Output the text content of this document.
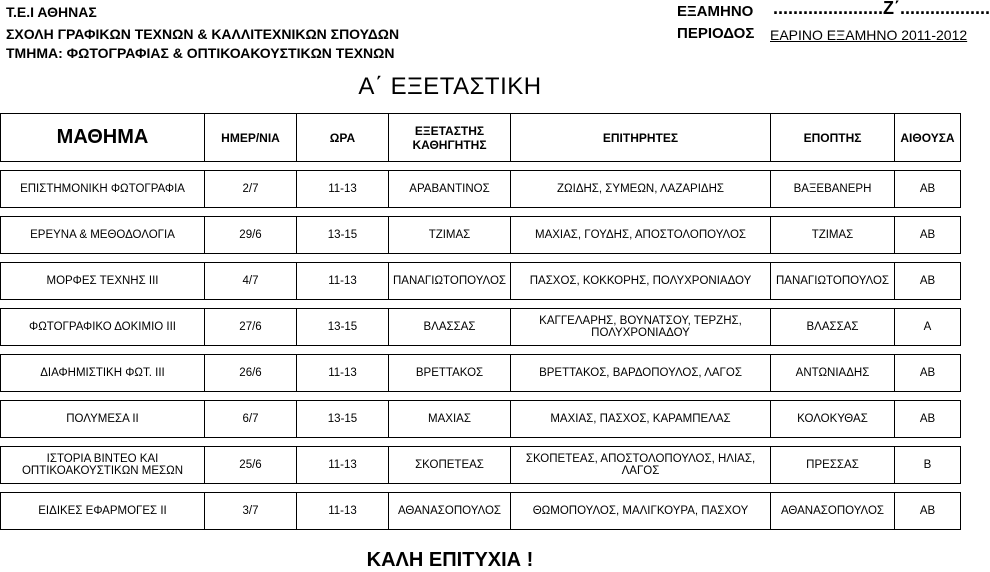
Τ.Ε.Ι ΑΘΗΝΑΣ
ΣΧΟΛΗ ΓΡΑΦΙΚΩΝ ΤΕΧΝΩΝ & ΚΑΛΛΙΤΕΧΝΙΚΩΝ ΣΠΟΥΔΩΝ
ΤΜΗΜΑ: ΦΩΤΟΓΡΑΦΙΑΣ & ΟΠΤΙΚΟΑΚΟΥΣΤΙΚΩΝ ΤΕΧΝΩΝ
ΕΞΑΜΗΝΟ ......................Ζ΄..................
ΠΕΡΙΟΔΟΣ ΕΑΡΙΝΟ ΕΞΑΜΗΝΟ 2011-2012
Α΄ ΕΞΕΤΑΣΤΙΚΗ
ΜΑΘΗΜΑ	ΗΜΕΡ/ΝΙΑ	ΩΡΑ	ΕΞΕΤΑΣΤΗΣ ΚΑΘΗΓΗΤΗΣ	ΕΠΙΤΗΡΗΤΕΣ	ΕΠΟΠΤΗΣ	ΑΙΘΟΥΣΑ

ΕΠΙΣΤΗΜΟΝΙΚΗ ΦΩΤΟΓΡΑΦΙΑ	2/7	11-13	ΑΡΑΒΑΝΤΙΝΟΣ	ΖΩΙΔΗΣ, ΣΥΜΕΩΝ, ΛΑΖΑΡΙΔΗΣ	ΒΑΞΕΒΑΝΕΡΗ	ΑΒ

ΕΡΕΥΝΑ & ΜΕΘΟΔΟΛΟΓΙΑ	29/6	13-15	ΤΖΙΜΑΣ	ΜΑΧΙΑΣ, ΓΟΥΔΗΣ, ΑΠΟΣΤΟΛΟΠΟΥΛΟΣ	ΤΖΙΜΑΣ	ΑΒ

ΜΟΡΦΕΣ ΤΕΧΝΗΣ ΙΙΙ	4/7	11-13	ΠΑΝΑΓΙΩΤΟΠΟΥΛΟΣ	ΠΑΣΧΟΣ, ΚΟΚΚΟΡΗΣ, ΠΟΛΥΧΡΟΝΙΑΔΟΥ	ΠΑΝΑΓΙΩΤΟΠΟΥΛΟΣ	ΑΒ

ΦΩΤΟΓΡΑΦΙΚΟ ΔΟΚΙΜΙΟ ΙΙΙ	27/6	13-15	ΒΛΑΣΣΑΣ	ΚΑΓΓΕΛΑΡΗΣ, ΒΟΥΝΑΤΣΟΥ, ΤΕΡΖΗΣ, ΠΟΛΥΧΡΟΝΙΑΔΟΥ	ΒΛΑΣΣΑΣ	Α

ΔΙΑΦΗΜΙΣΤΙΚΗ ΦΩΤ. ΙΙΙ	26/6	11-13	ΒΡΕΤΤΑΚΟΣ	ΒΡΕΤΤΑΚΟΣ, ΒΑΡΔΟΠΟΥΛΟΣ, ΛΑΓΟΣ	ΑΝΤΩΝΙΑΔΗΣ	ΑΒ

ΠΟΛΥΜΕΣΑ ΙΙ	6/7	13-15	ΜΑΧΙΑΣ	ΜΑΧΙΑΣ, ΠΑΣΧΟΣ, ΚΑΡΑΜΠΕΛΑΣ	ΚΟΛΟΚΥΘΑΣ	ΑΒ

ΙΣΤΟΡΙΑ ΒΙΝΤΕΟ ΚΑΙ ΟΠΤΙΚΟΑΚΟΥΣΤΙΚΩΝ ΜΕΣΩΝ	25/6	11-13	ΣΚΟΠΕΤΕΑΣ	ΣΚΟΠΕΤΕΑΣ, ΑΠΟΣΤΟΛΟΠΟΥΛΟΣ, ΗΛΙΑΣ, ΛΑΓΟΣ	ΠΡΕΣΣΑΣ	Β

ΕΙΔΙΚΕΣ ΕΦΑΡΜΟΓΕΣ ΙΙ	3/7	11-13	ΑΘΑΝΑΣΟΠΟΥΛΟΣ	ΘΩΜΟΠΟΥΛΟΣ, ΜΑΛΙΓΚΟΥΡΑ, ΠΑΣΧΟΥ	ΑΘΑΝΑΣΟΠΟΥΛΟΣ	ΑΒ
ΚΑΛΗ ΕΠΙΤΥΧΙΑ !
